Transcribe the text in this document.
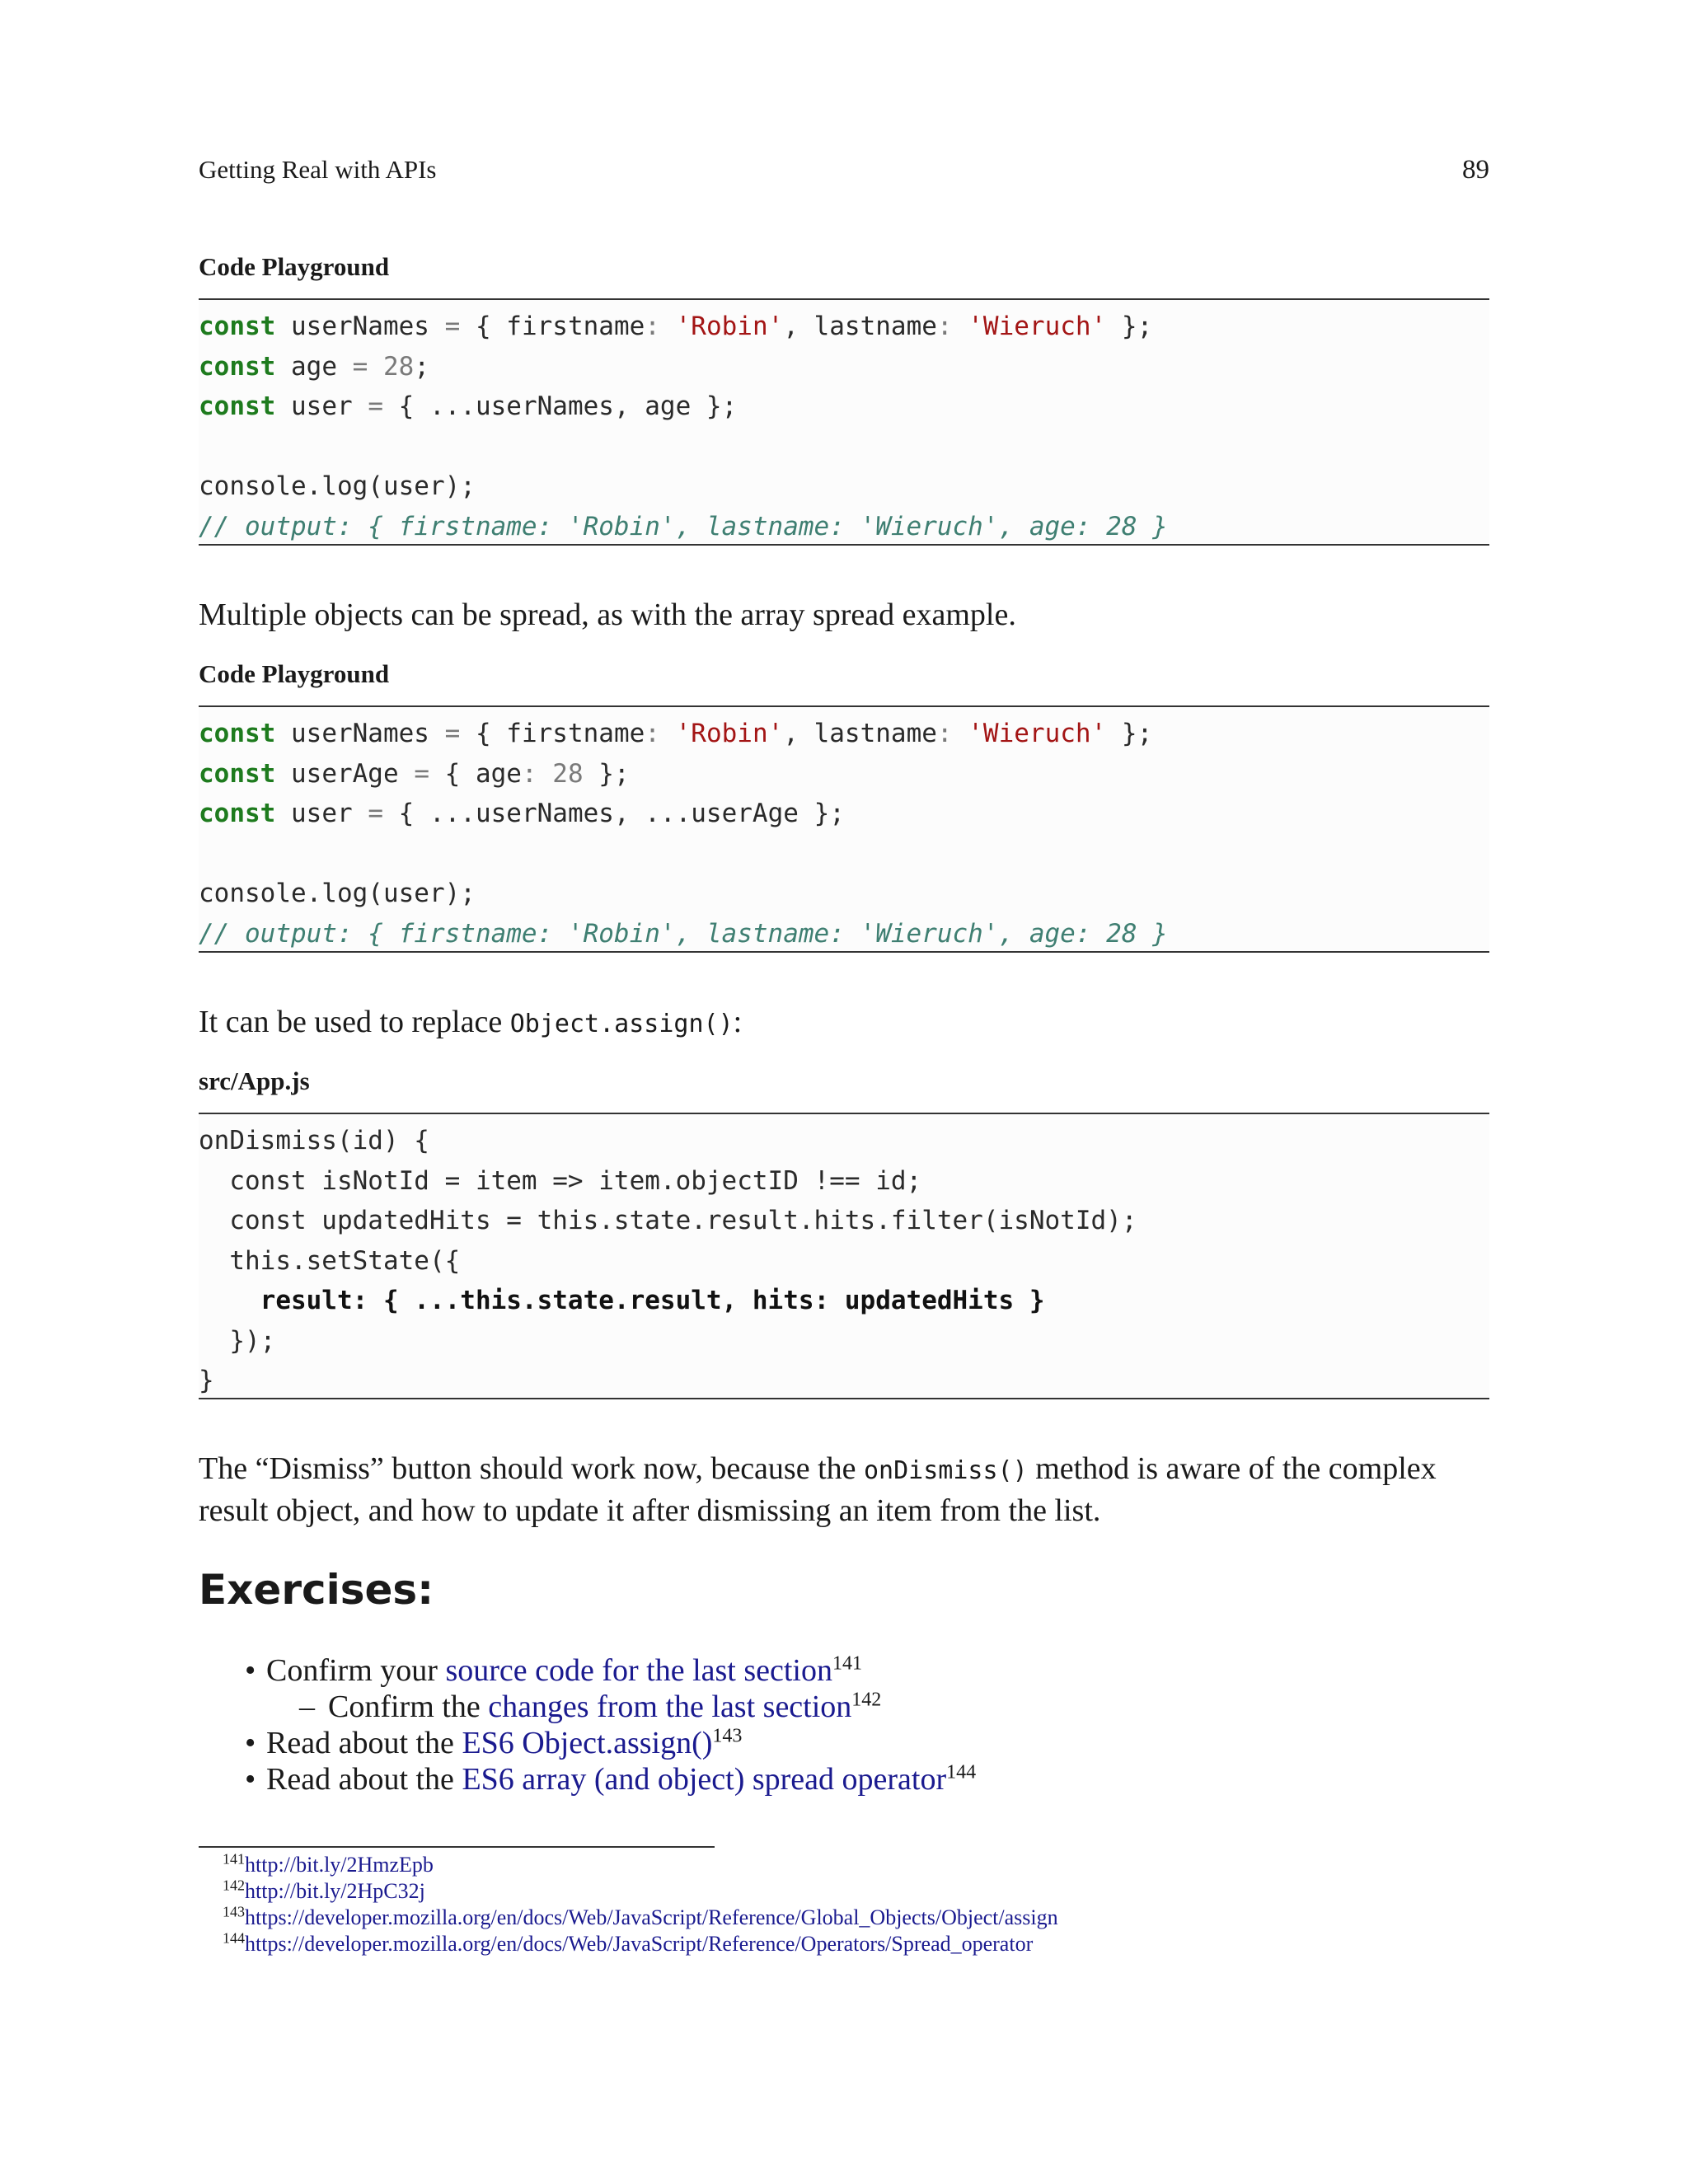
Getting Real with APIs	89
Code Playground
const userNames = { firstname: 'Robin', lastname: 'Wieruch' };
const age = 28;
const user = { ...userNames, age };
console.log(user);
// output: { firstname: 'Robin', lastname: 'Wieruch', age: 28 }
Multiple objects can be spread, as with the array spread example.
Code Playground
const userNames = { firstname: 'Robin', lastname: 'Wieruch' };
const userAge = { age: 28 };
const user = { ...userNames, ...userAge };
console.log(user);
// output: { firstname: 'Robin', lastname: 'Wieruch', age: 28 }
It can be used to replace Object.assign():
src/App.js
onDismiss(id) {
const isNotId = item => item.objectID !== id;
const updatedHits = this.state.result.hits.filter(isNotId);
this.setState({
result: { ...this.state.result, hits: updatedHits }
});
}
The “Dismiss” button should work now, because the onDismiss() method is aware of the complex result object, and how to update it after dismissing an item from the list.
Exercises:
• Confirm your source code for the last section$^{141}$
– Confirm the changes from the last section$^{142}$
• Read about the ES6 Object.assign()$^{143}$
• Read about the ES6 array (and object) spread operator$^{144}$
$^{141}$http://bit.ly/2HmzEpb
$^{142}$http://bit.ly/2HpC32j
$^{143}$https://developer.mozilla.org/en/docs/Web/JavaScript/Reference/Global_Objects/Object/assign
$^{144}$https://developer.mozilla.org/en/docs/Web/JavaScript/Reference/Operators/Spread_operator
